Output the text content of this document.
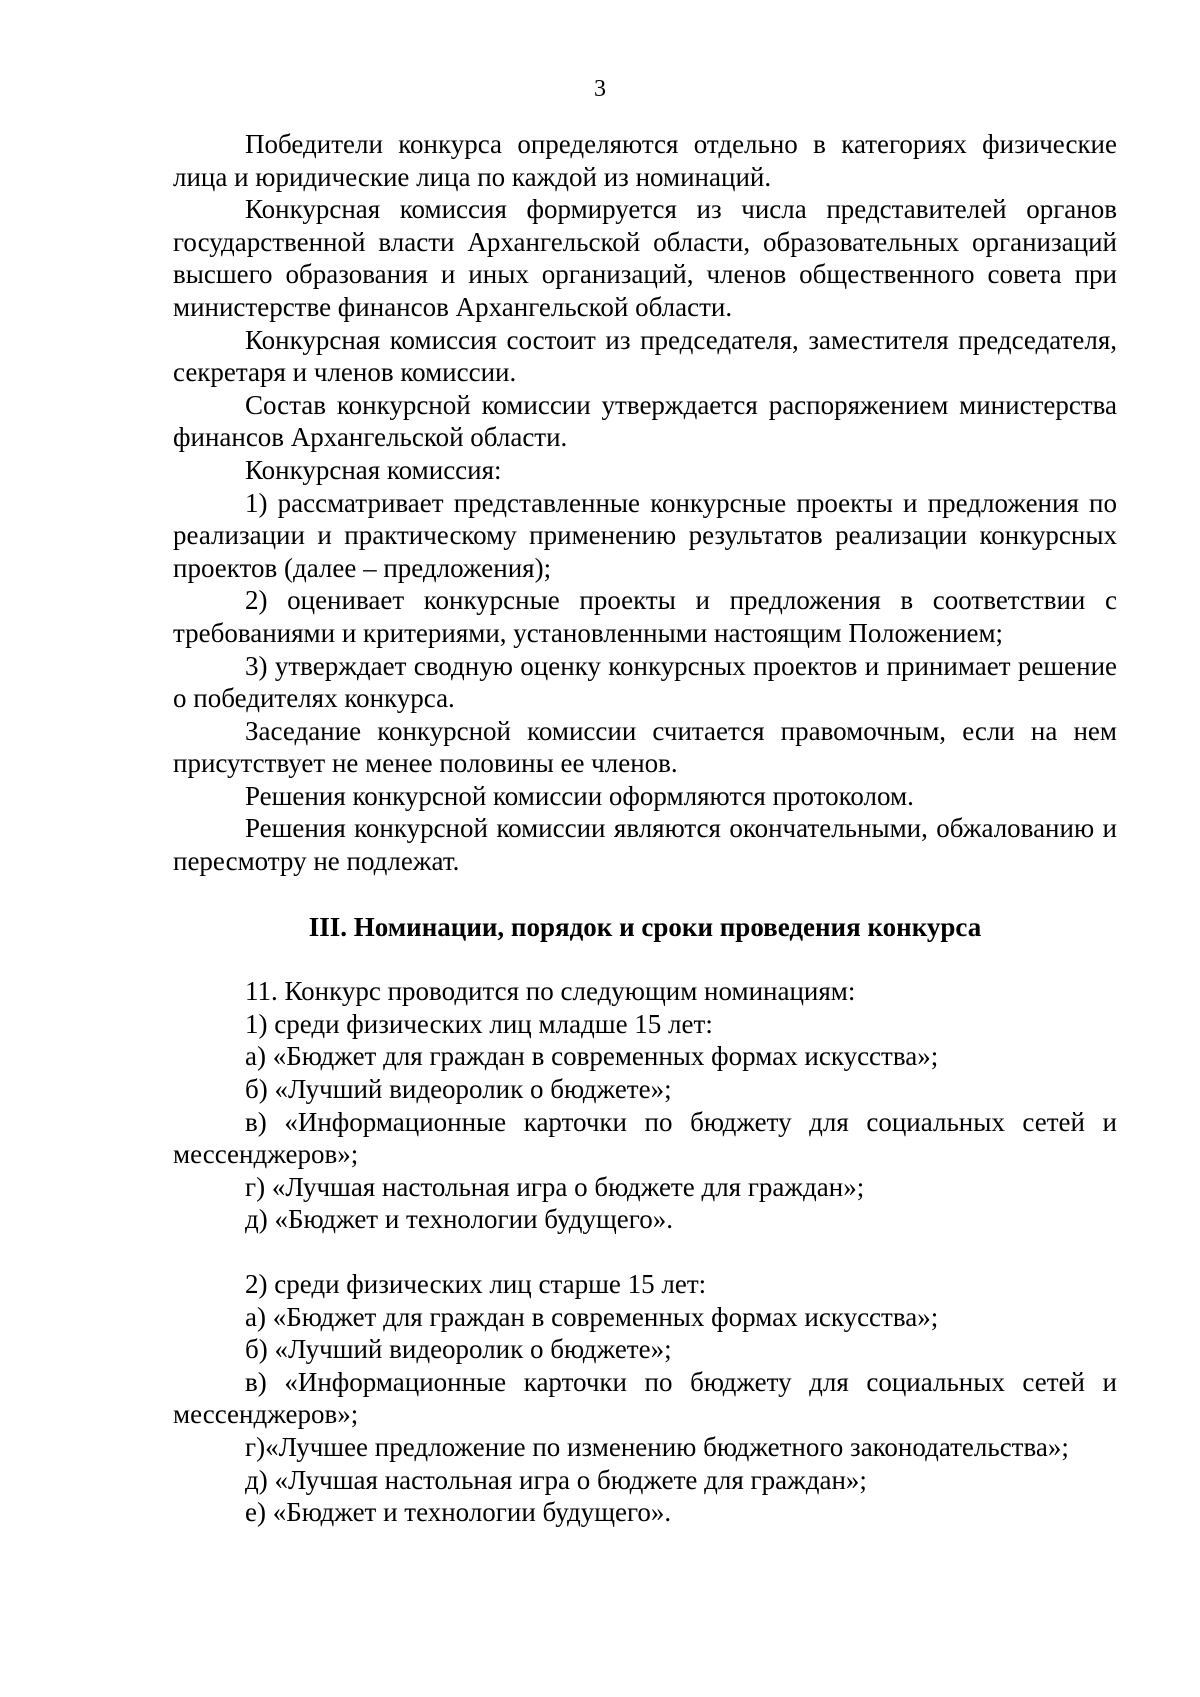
3

Победители конкурса определяются отдельно в категориях физические лица и юридические лица по каждой из номинаций.

Конкурсная комиссия формируется из числа представителей органов государственной власти Архангельской области, образовательных организаций высшего образования и иных организаций, членов общественного совета при министерстве финансов Архангельской области.

Конкурсная комиссия состоит из председателя, заместителя председателя, секретаря и членов комиссии.

Состав конкурсной комиссии утверждается распоряжением министерства финансов Архангельской области.

Конкурсная комиссия:

1) рассматривает представленные конкурсные проекты и предложения по реализации и практическому применению результатов реализации конкурсных проектов (далее – предложения);

2) оценивает конкурсные проекты и предложения в соответствии с требованиями и критериями, установленными настоящим Положением;

3) утверждает сводную оценку конкурсных проектов и принимает решение о победителях конкурса.

Заседание конкурсной комиссии считается правомочным, если на нем присутствует не менее половины ее членов.

Решения конкурсной комиссии оформляются протоколом.

Решения конкурсной комиссии являются окончательными, обжалованию и пересмотру не подлежат.

III. Номинации, порядок и сроки проведения конкурса

11. Конкурс проводится по следующим номинациям:

1) среди физических лиц младше 15 лет:

а) «Бюджет для граждан в современных формах искусства»;

б) «Лучший видеоролик о бюджете»;

в) «Информационные карточки по бюджету для социальных сетей и мессенджеров»;

г) «Лучшая настольная игра о бюджете для граждан»;

д) «Бюджет и технологии будущего».

2) среди физических лиц старше 15 лет:

а) «Бюджет для граждан в современных формах искусства»;

б) «Лучший видеоролик о бюджете»;

в) «Информационные карточки по бюджету для социальных сетей и мессенджеров»;

г)«Лучшее предложение по изменению бюджетного законодательства»;

д) «Лучшая настольная игра о бюджете для граждан»;

е) «Бюджет и технологии будущего».
